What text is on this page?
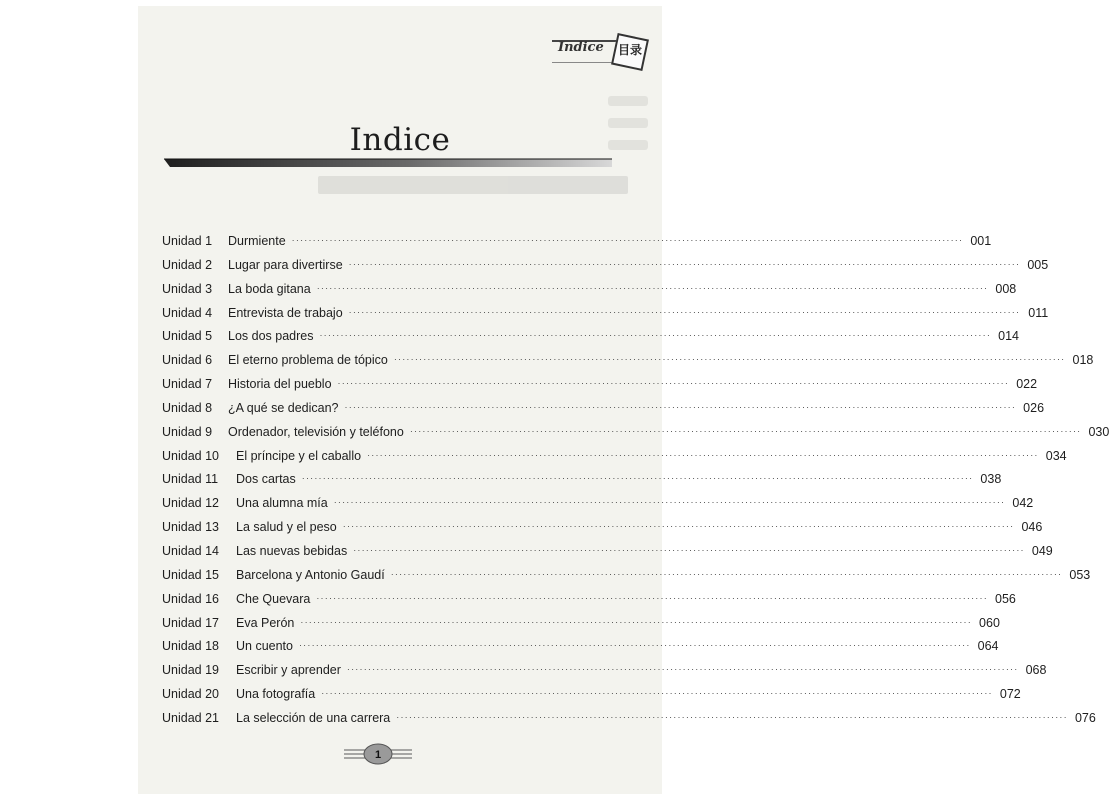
Indice	目录
Indice
Unidad 1	Durmiente ································································································································································ 001
Unidad 2	Lugar para divertirse ································································································································································ 005
Unidad 3	La boda gitana ································································································································································ 008
Unidad 4	Entrevista de trabajo ································································································································································ 011
Unidad 5	Los dos padres ································································································································································ 014
Unidad 6	El eterno problema de tópico ································································································································································ 018
Unidad 7	Historia del pueblo ································································································································································ 022
Unidad 8	¿A qué se dedican? ································································································································································ 026
Unidad 9	Ordenador, televisión y teléfono ································································································································································ 030
Unidad 10	El príncipe y el caballo ································································································································································ 034
Unidad 11	Dos cartas ································································································································································ 038
Unidad 12	Una alumna mía ································································································································································ 042
Unidad 13	La salud y el peso ································································································································································ 046
Unidad 14	Las nuevas bebidas ································································································································································ 049
Unidad 15	Barcelona y Antonio Gaudí ································································································································································ 053
Unidad 16	Che Quevara ································································································································································ 056
Unidad 17	Eva Perón ································································································································································ 060
Unidad 18	Un cuento ································································································································································ 064
Unidad 19	Escribir y aprender ································································································································································ 068
Unidad 20	Una fotografía ································································································································································ 072
Unidad 21	La selección de una carrera ································································································································································ 076
1
